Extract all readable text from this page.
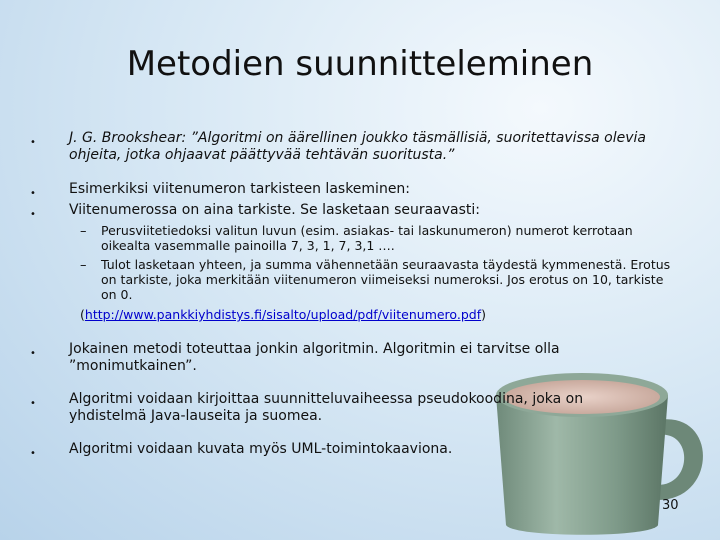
Metodien suunnitteleminen
• J. G. Brookshear: ”Algoritmi on äärellinen joukko täsmällisiä, suoritettavissa olevia ohjeita, jotka ohjaavat päättyvää tehtävän suoritusta.”

• Esimerkiksi viitenumeron tarkisteen laskeminen:

• Viitenumerossa on aina tarkiste. Se lasketaan seuraavasti:

– Perusviitetiedoksi valitun luvun (esim. asiakas- tai laskunumeron) numerot kerrotaan oikealta vasemmalle painoilla 7, 3, 1, 7, 3,1 ….

– Tulot lasketaan yhteen, ja summa vähennetään seuraavasta täydestä kymmenestä. Erotus on tarkiste, joka merkitään viitenumeron viimeiseksi numeroksi. Jos erotus on 10, tarkiste on 0.

(http://www.pankkiyhdistys.fi/sisalto/upload/pdf/viitenumero.pdf)
• Jokainen metodi toteuttaa jonkin algoritmin. Algoritmin ei tarvitse olla ”monimutkainen”.

• Algoritmi voidaan kirjoittaa suunnitteluvaiheessa pseudokoodina, joka on yhdistelmä Java-lauseita ja suomea.

• Algoritmi voidaan kuvata myös UML-toimintokaaviona.

30
